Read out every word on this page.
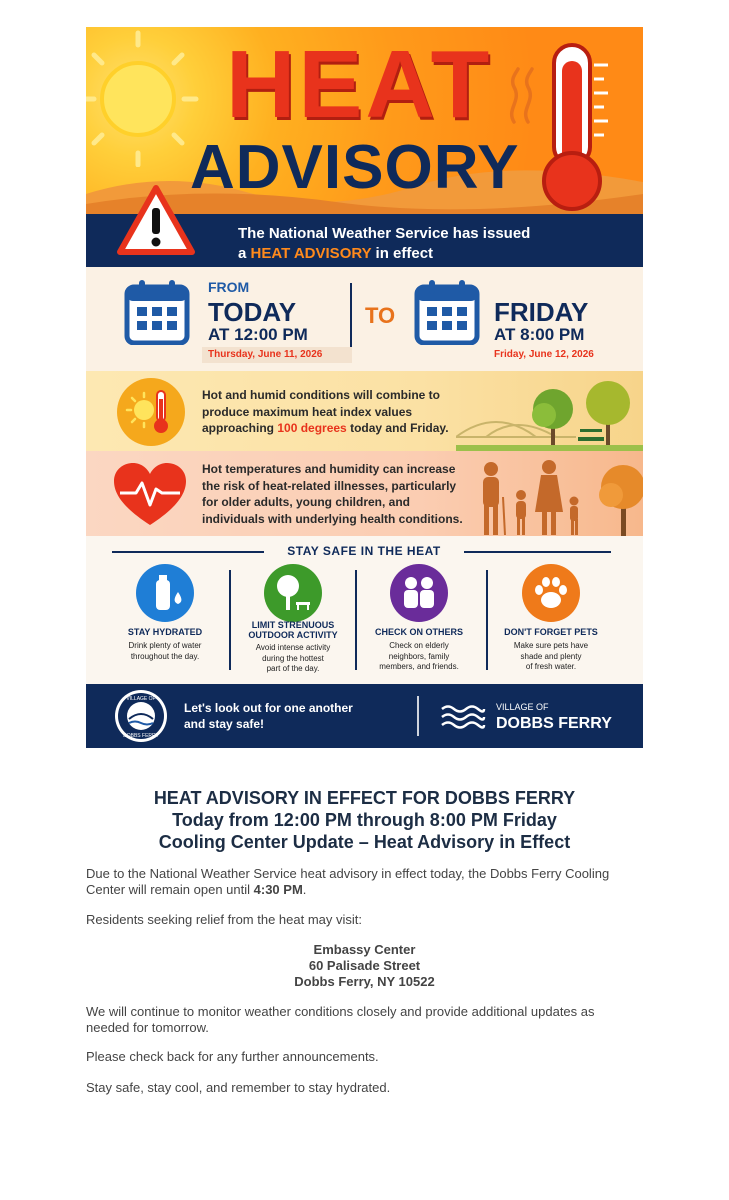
HEAT
ADVISORY
The National Weather Service has issued
a HEAT ADVISORY in effect
FROM
TODAY
AT 12:00 PM
Thursday, June 11, 2026
TO	FRIDAY
AT 8:00 PM
Friday, June 12, 2026
Hot and humid conditions will combine to
produce maximum heat index values
approaching 100 degrees today and Friday.
Hot temperatures and humidity can increase
the risk of heat-related illnesses, particularly
for older adults, young children, and
individuals with underlying health conditions.
STAY SAFE IN THE HEAT
STAY HYDRATED
Drink plenty of water
throughout the day.
LIMIT STRENUOUS
OUTDOOR ACTIVITY
Avoid intense activity
during the hottest
part of the day.
CHECK ON OTHERS
Check on elderly
neighbors, family
members, and friends.
DON'T FORGET PETS
Make sure pets have
shade and plenty
of fresh water.
VILLAGE OF
DOBBS FERRY
Let's look out for one another
and stay safe!
VILLAGE OF
DOBBS FERRY
HEAT ADVISORY IN EFFECT FOR DOBBS FERRY
Today from 12:00 PM through 8:00 PM Friday
Cooling Center Update – Heat Advisory in Effect
Due to the National Weather Service heat advisory in effect today, the Dobbs Ferry Cooling
Center will remain open until 4:30 PM.
Residents seeking relief from the heat may visit:
Embassy Center
60 Palisade Street
Dobbs Ferry, NY 10522
We will continue to monitor weather conditions closely and provide additional updates as
needed for tomorrow.
Please check back for any further announcements.
Stay safe, stay cool, and remember to stay hydrated.
